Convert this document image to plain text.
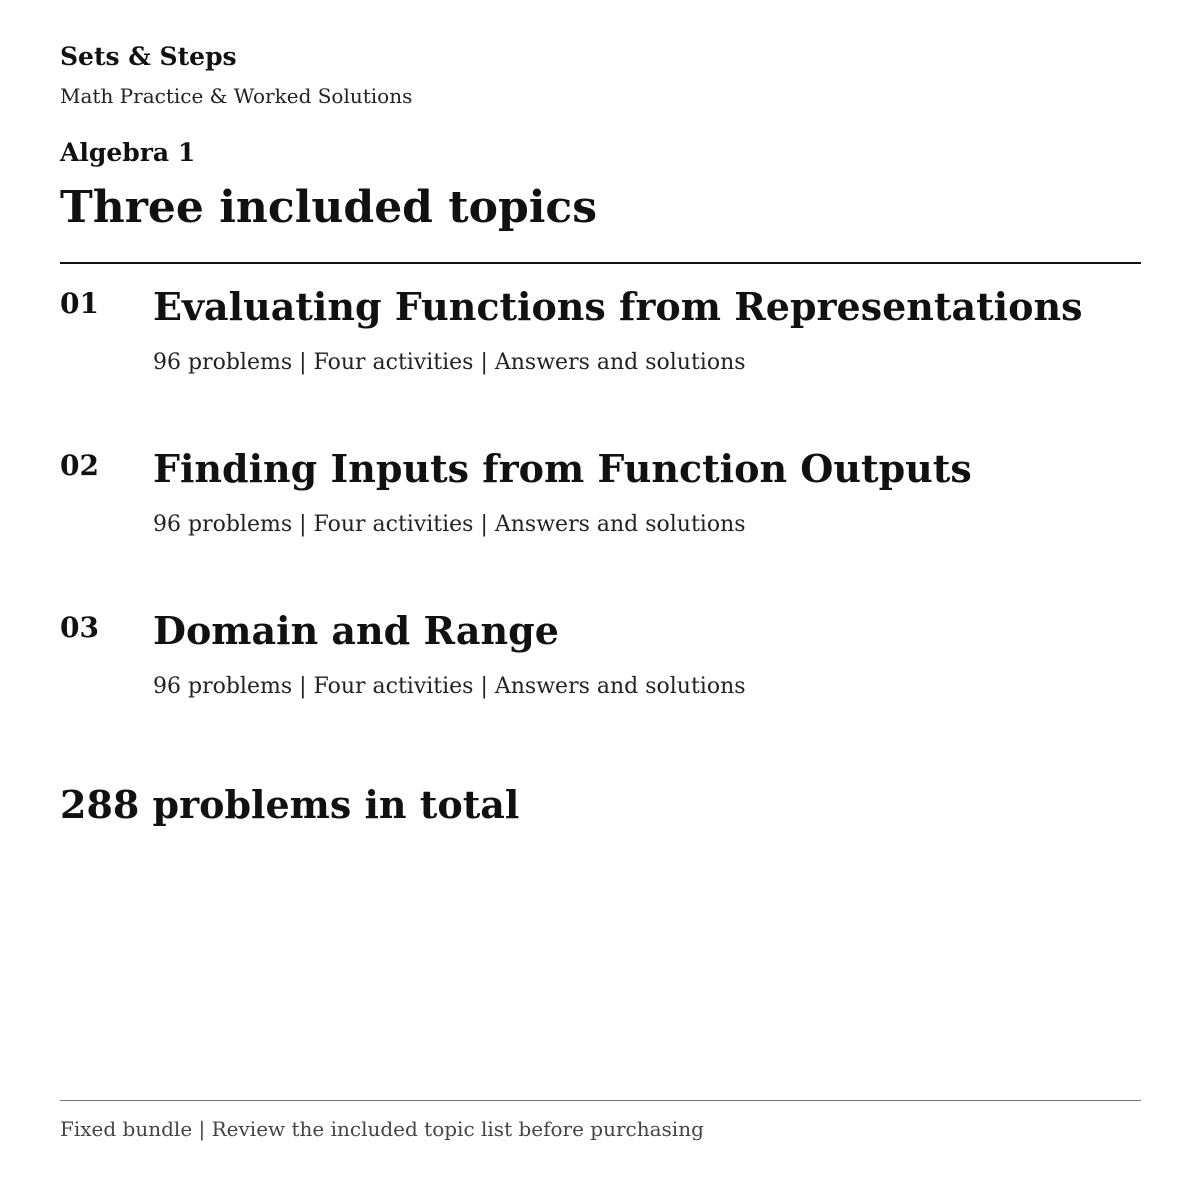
Sets & Steps
Math Practice & Worked Solutions
Algebra 1
Three included topics
01 Evaluating Functions from Representations
96 problems | Four activities | Answers and solutions
02 Finding Inputs from Function Outputs
96 problems | Four activities | Answers and solutions
03 Domain and Range
96 problems | Four activities | Answers and solutions
288 problems in total
Fixed bundle | Review the included topic list before purchasing
